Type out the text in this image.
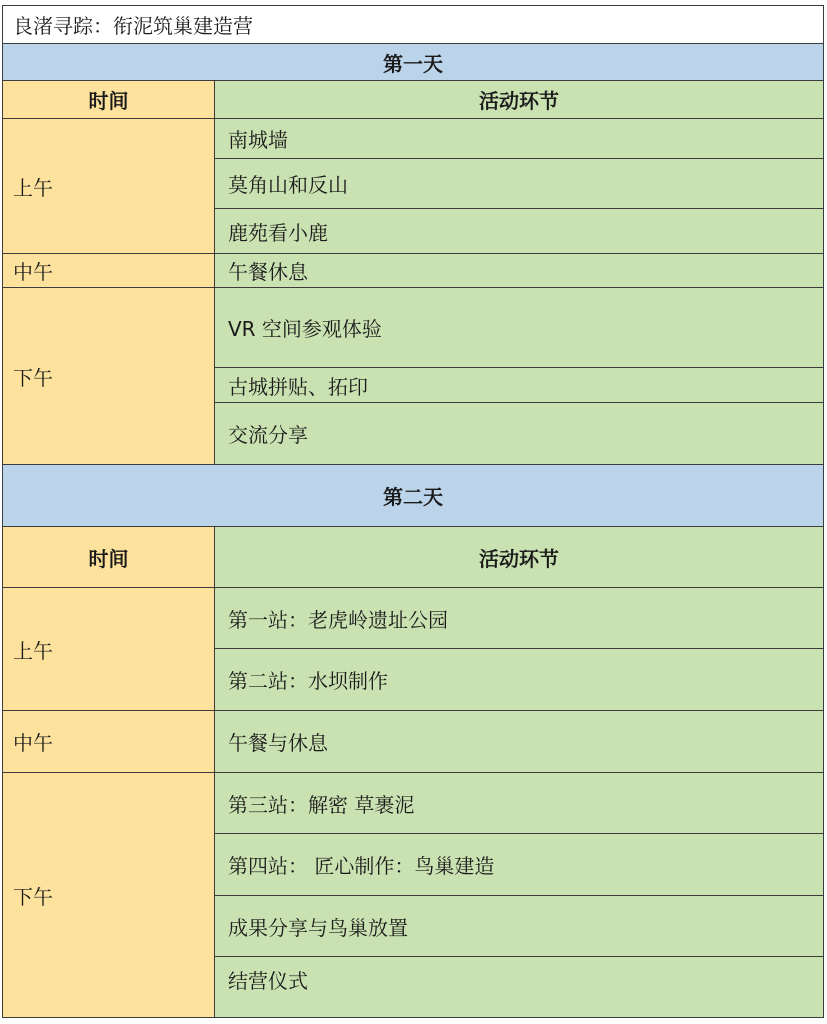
良渚寻踪：衔泥筑巢建造营	
第一天	
时间	活动环节
上午	南城墙
	莫角山和反山
	鹿苑看小鹿
中午	午餐休息
下午	VR 空间参观体验
	古城拼贴、拓印
	交流分享
第二天	
时间	活动环节
上午	第一站：老虎岭遗址公园
	第二站：水坝制作
中午	午餐与休息
下午	第三站：解密 草裹泥
	第四站： 匠心制作：鸟巢建造
	成果分享与鸟巢放置
	结营仪式
